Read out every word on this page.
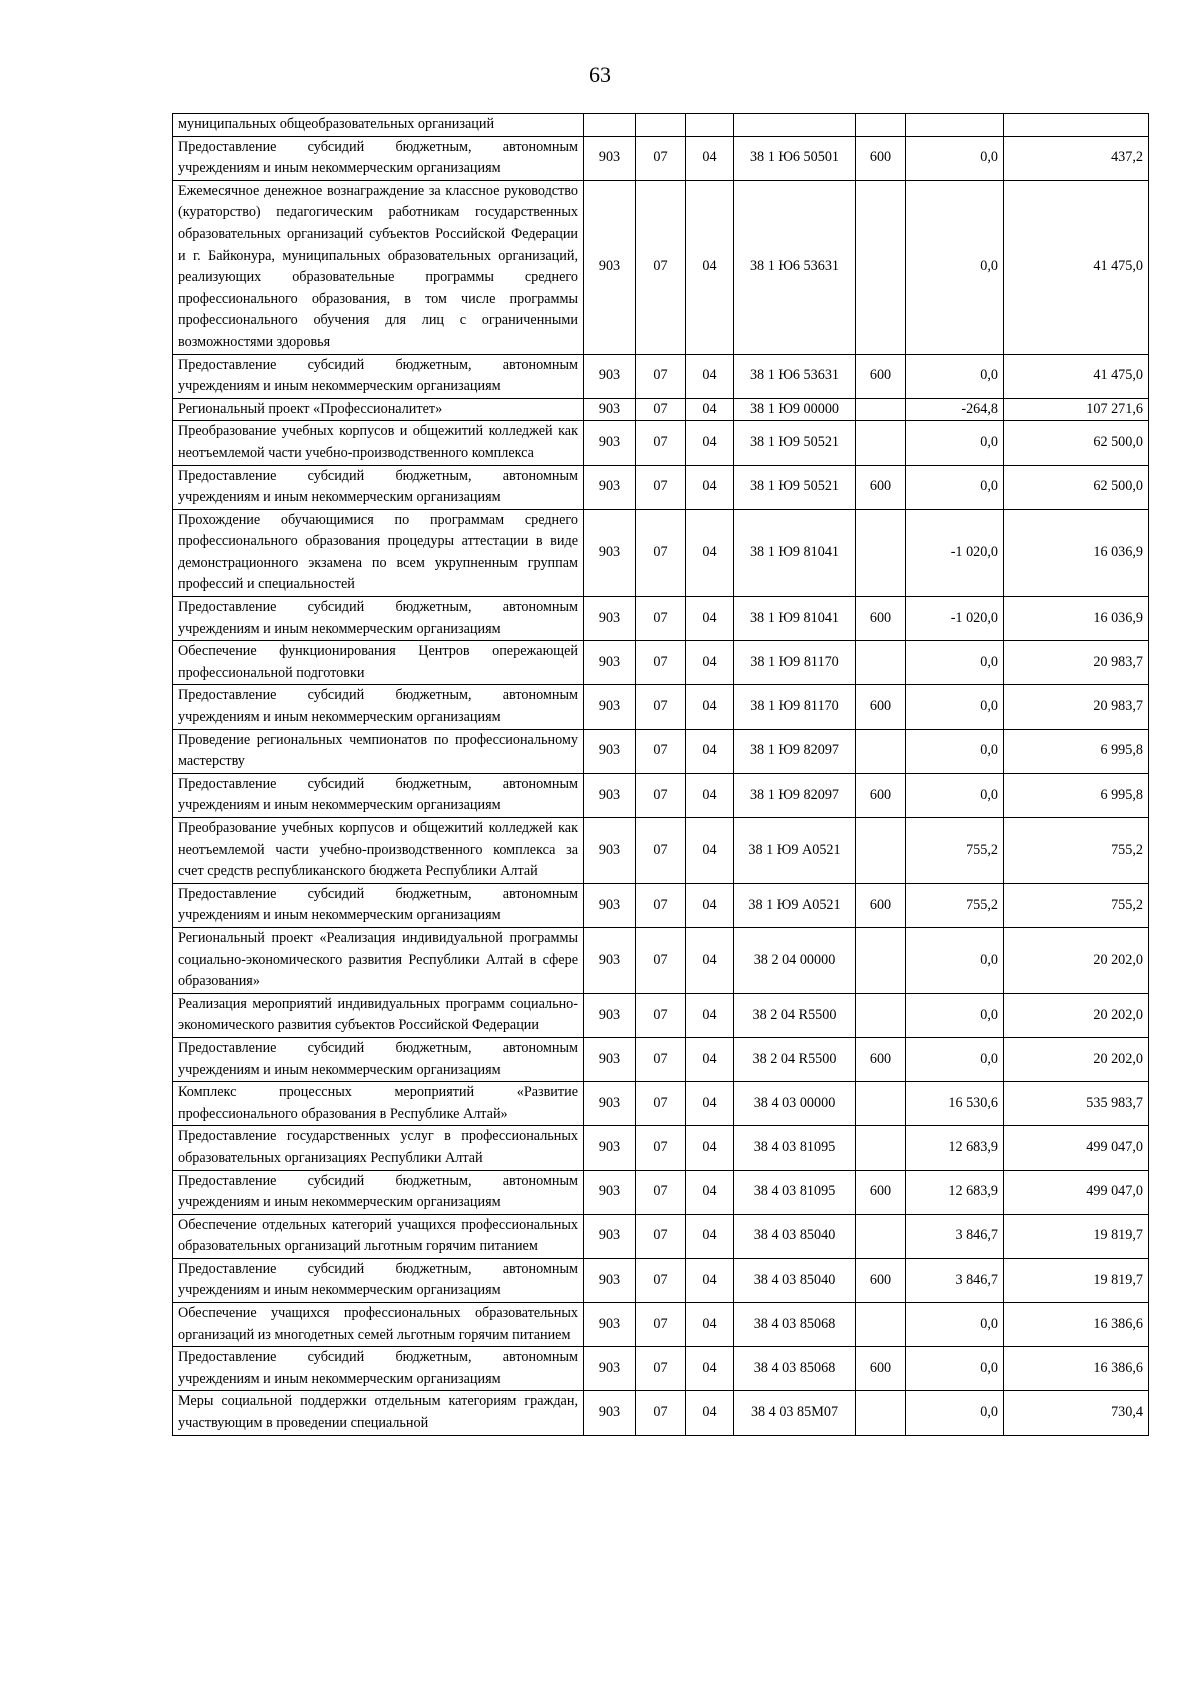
63
муниципальных общеобразовательных организаций							
Предоставление субсидий бюджетным, автономным учреждениям и иным некоммерческим организациям	903	07	04	38 1 Ю6 50501	600	0,0	437,2
Ежемесячное денежное вознаграждение за классное руководство (кураторство) педагогическим работникам государственных образовательных организаций субъектов Российской Федерации и г. Байконура, муниципальных образовательных организаций, реализующих образовательные программы среднего профессионального образования, в том числе программы профессионального обучения для лиц с ограниченными возможностями здоровья	903	07	04	38 1 Ю6 53631		0,0	41 475,0
Предоставление субсидий бюджетным, автономным учреждениям и иным некоммерческим организациям	903	07	04	38 1 Ю6 53631	600	0,0	41 475,0
Региональный проект «Профессионалитет»	903	07	04	38 1 Ю9 00000		-264,8	107 271,6
Преобразование учебных корпусов и общежитий колледжей как неотъемлемой части учебно-производственного комплекса	903	07	04	38 1 Ю9 50521		0,0	62 500,0
Предоставление субсидий бюджетным, автономным учреждениям и иным некоммерческим организациям	903	07	04	38 1 Ю9 50521	600	0,0	62 500,0
Прохождение обучающимися по программам среднего профессионального образования процедуры аттестации в виде демонстрационного экзамена по всем укрупненным группам профессий и специальностей	903	07	04	38 1 Ю9 81041		-1 020,0	16 036,9
Предоставление субсидий бюджетным, автономным учреждениям и иным некоммерческим организациям	903	07	04	38 1 Ю9 81041	600	-1 020,0	16 036,9
Обеспечение функционирования Центров опережающей профессиональной подготовки	903	07	04	38 1 Ю9 81170		0,0	20 983,7
Предоставление субсидий бюджетным, автономным учреждениям и иным некоммерческим организациям	903	07	04	38 1 Ю9 81170	600	0,0	20 983,7
Проведение региональных чемпионатов по профессиональному мастерству	903	07	04	38 1 Ю9 82097		0,0	6 995,8
Предоставление субсидий бюджетным, автономным учреждениям и иным некоммерческим организациям	903	07	04	38 1 Ю9 82097	600	0,0	6 995,8
Преобразование учебных корпусов и общежитий колледжей как неотъемлемой части учебно-производственного комплекса за счет средств республиканского бюджета Республики Алтай	903	07	04	38 1 Ю9 А0521		755,2	755,2
Предоставление субсидий бюджетным, автономным учреждениям и иным некоммерческим организациям	903	07	04	38 1 Ю9 А0521	600	755,2	755,2
Региональный проект «Реализация индивидуальной программы социально-экономического развития Республики Алтай в сфере образования»	903	07	04	38 2 04 00000		0,0	20 202,0
Реализация мероприятий индивидуальных программ социально-экономического развития субъектов Российской Федерации	903	07	04	38 2 04 R5500		0,0	20 202,0
Предоставление субсидий бюджетным, автономным учреждениям и иным некоммерческим организациям	903	07	04	38 2 04 R5500	600	0,0	20 202,0
Комплекс процессных мероприятий «Развитие профессионального образования в Республике Алтай»	903	07	04	38 4 03 00000		16 530,6	535 983,7
Предоставление государственных услуг в профессиональных образовательных организациях Республики Алтай	903	07	04	38 4 03 81095		12 683,9	499 047,0
Предоставление субсидий бюджетным, автономным учреждениям и иным некоммерческим организациям	903	07	04	38 4 03 81095	600	12 683,9	499 047,0
Обеспечение отдельных категорий учащихся профессиональных образовательных организаций льготным горячим питанием	903	07	04	38 4 03 85040		3 846,7	19 819,7
Предоставление субсидий бюджетным, автономным учреждениям и иным некоммерческим организациям	903	07	04	38 4 03 85040	600	3 846,7	19 819,7
Обеспечение учащихся профессиональных образовательных организаций из многодетных семей льготным горячим питанием	903	07	04	38 4 03 85068		0,0	16 386,6
Предоставление субсидий бюджетным, автономным учреждениям и иным некоммерческим организациям	903	07	04	38 4 03 85068	600	0,0	16 386,6
Меры социальной поддержки отдельным категориям граждан, участвующим в проведении специальной	903	07	04	38 4 03 85М07		0,0	730,4
